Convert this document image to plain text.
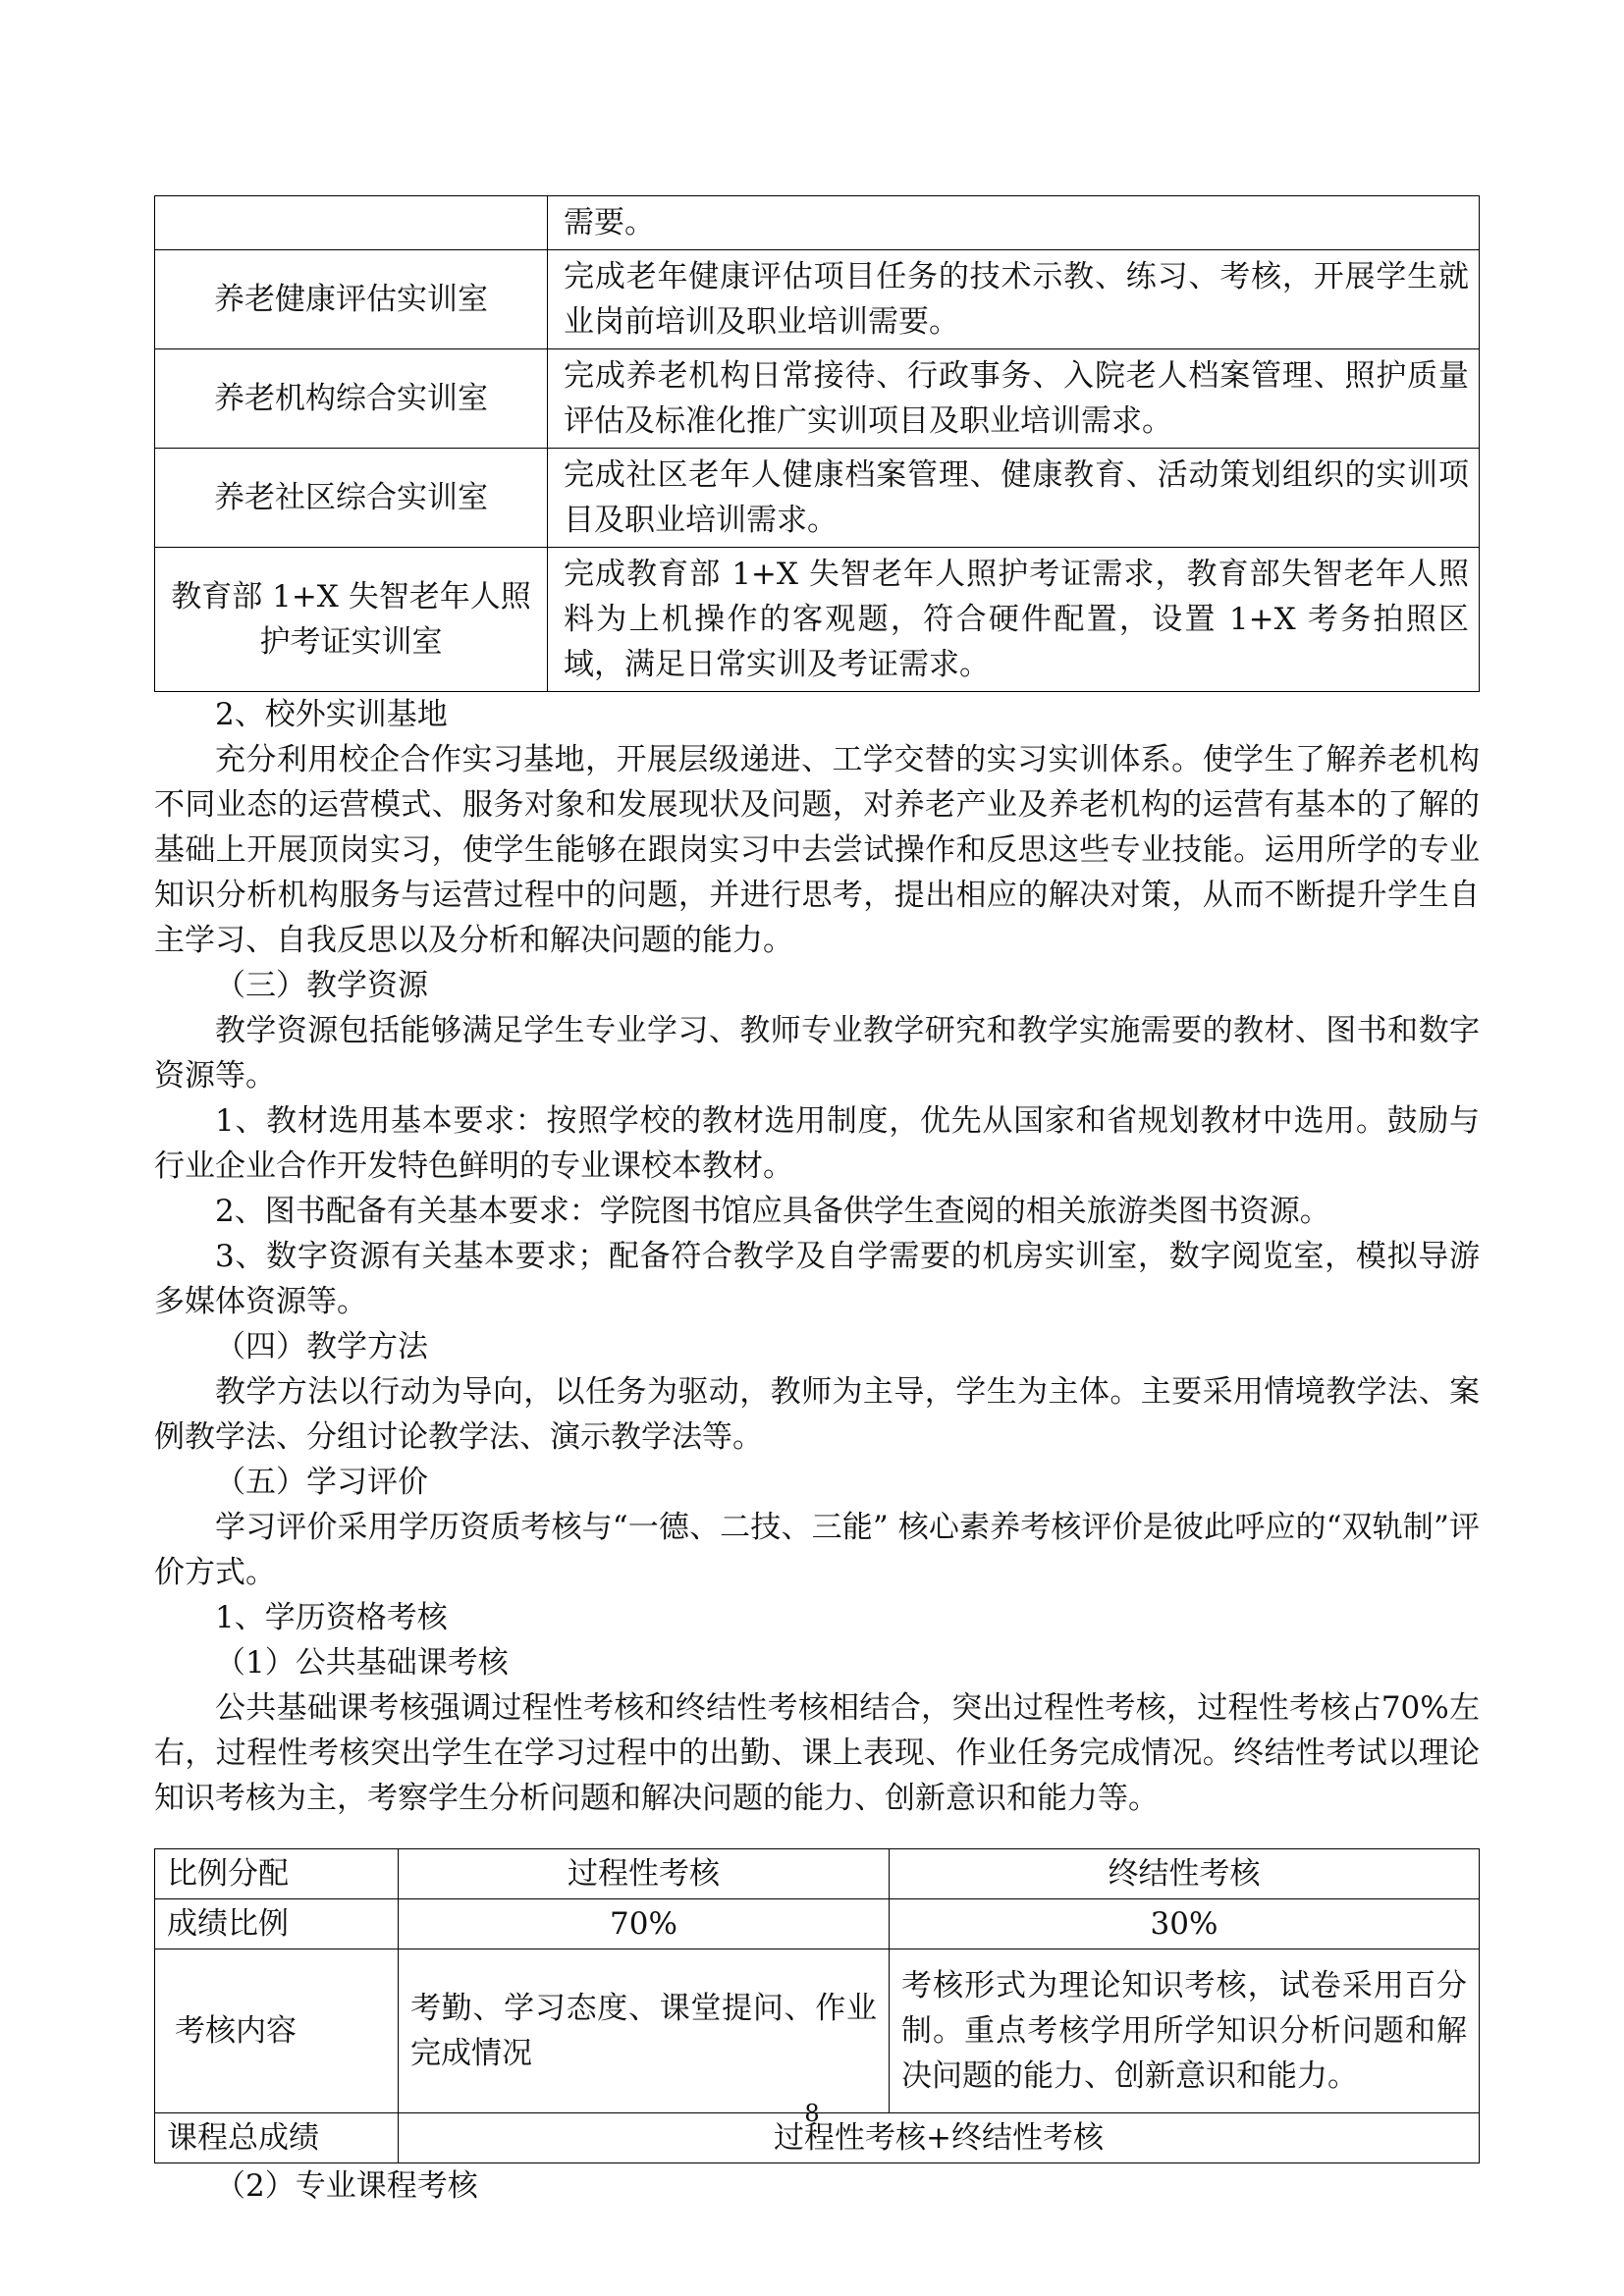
	需要。
养老健康评估实训室	完成老年健康评估项目任务的技术示教、练习、考核，开展学生就业岗前培训及职业培训需要。
养老机构综合实训室	完成养老机构日常接待、行政事务、入院老人档案管理、照护质量评估及标准化推广实训项目及职业培训需求。
养老社区综合实训室	完成社区老年人健康档案管理、健康教育、活动策划组织的实训项目及职业培训需求。
教育部 1+X 失智老年人照护考证实训室	完成教育部 1+X 失智老年人照护考证需求，教育部失智老年人照料为上机操作的客观题，符合硬件配置，设置 1+X 考务拍照区域，满足日常实训及考证需求。

2、校外实训基地

充分利用校企合作实习基地，开展层级递进、工学交替的实习实训体系。使学生了解养老机构不同业态的运营模式、服务对象和发展现状及问题，对养老产业及养老机构的运营有基本的了解的基础上开展顶岗实习，使学生能够在跟岗实习中去尝试操作和反思这些专业技能。运用所学的专业知识分析机构服务与运营过程中的问题，并进行思考，提出相应的解决对策，从而不断提升学生自主学习、自我反思以及分析和解决问题的能力。

（三）教学资源

教学资源包括能够满足学生专业学习、教师专业教学研究和教学实施需要的教材、图书和数字资源等。

1、教材选用基本要求：按照学校的教材选用制度，优先从国家和省规划教材中选用。鼓励与行业企业合作开发特色鲜明的专业课校本教材。

2、图书配备有关基本要求：学院图书馆应具备供学生查阅的相关旅游类图书资源。

3、数字资源有关基本要求；配备符合教学及自学需要的机房实训室，数字阅览室，模拟导游多媒体资源等。

（四）教学方法

教学方法以行动为导向，以任务为驱动，教师为主导，学生为主体。主要采用情境教学法、案例教学法、分组讨论教学法、演示教学法等。

（五）学习评价

学习评价采用学历资质考核与“一德、二技、三能” 核心素养考核评价是彼此呼应的“双轨制”评价方式。

1、学历资格考核

（1）公共基础课考核

公共基础课考核强调过程性考核和终结性考核相结合，突出过程性考核，过程性考核占70%左右，过程性考核突出学生在学习过程中的出勤、课上表现、作业任务完成情况。终结性考试以理论知识考核为主，考察学生分析问题和解决问题的能力、创新意识和能力等。

比例分配	过程性考核	终结性考核
成绩比例	70%	30%
考核内容	考勤、学习态度、课堂提问、作业完成情况	考核形式为理论知识考核，试卷采用百分制。重点考核学用所学知识分析问题和解决问题的能力、创新意识和能力。
课程总成绩	过程性考核+终结性考核	

（2）专业课程考核

8
